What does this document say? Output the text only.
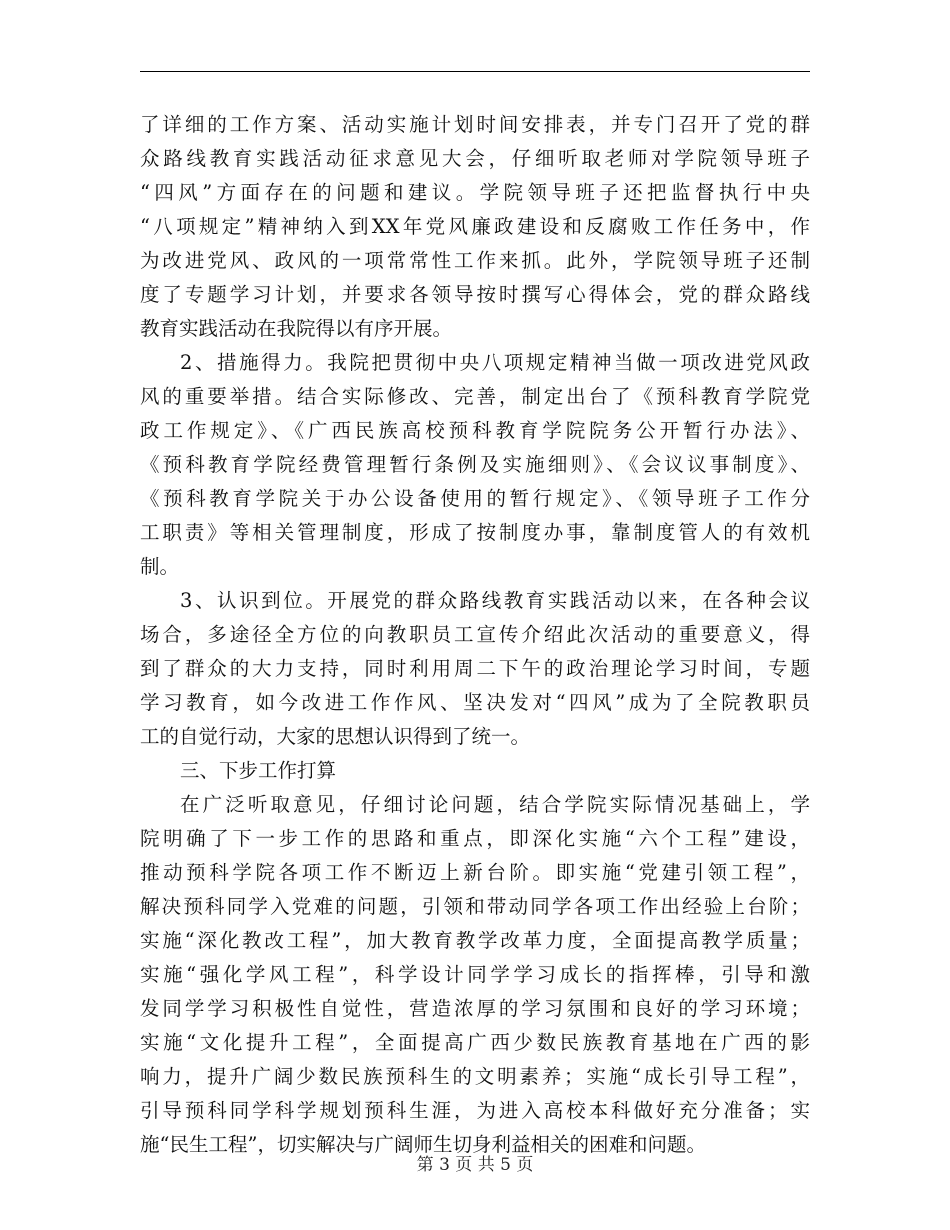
了详细的工作方案、活动实施计划时间安排表，并专门召开了党的群
众路线教育实践活动征求意见大会，仔细听取老师对学院领导班子
“四风”方面存在的问题和建议。学院领导班子还把监督执行中央
“八项规定”精神纳入到XX年党风廉政建设和反腐败工作任务中，作
为改进党风、政风的一项常常性工作来抓。此外，学院领导班子还制
度了专题学习计划，并要求各领导按时撰写心得体会，党的群众路线
教育实践活动在我院得以有序开展。
2、措施得力。我院把贯彻中央八项规定精神当做一项改进党风政
风的重要举措。结合实际修改、完善，制定出台了《预科教育学院党
政工作规定》、《广西民族高校预科教育学院院务公开暂行办法》、
《预科教育学院经费管理暂行条例及实施细则》、《会议议事制度》、
《预科教育学院关于办公设备使用的暂行规定》、《领导班子工作分
工职责》等相关管理制度，形成了按制度办事，靠制度管人的有效机
制。
3、认识到位。开展党的群众路线教育实践活动以来，在各种会议
场合，多途径全方位的向教职员工宣传介绍此次活动的重要意义，得
到了群众的大力支持，同时利用周二下午的政治理论学习时间，专题
学习教育，如今改进工作作风、坚决发对“四风”成为了全院教职员
工的自觉行动，大家的思想认识得到了统一。
三、下步工作打算
在广泛听取意见，仔细讨论问题，结合学院实际情况基础上，学
院明确了下一步工作的思路和重点，即深化实施“六个工程”建设，
推动预科学院各项工作不断迈上新台阶。即实施“党建引领工程”，
解决预科同学入党难的问题，引领和带动同学各项工作出经验上台阶；
实施“深化教改工程”，加大教育教学改革力度，全面提高教学质量；
实施“强化学风工程”，科学设计同学学习成长的指挥棒，引导和激
发同学学习积极性自觉性，营造浓厚的学习氛围和良好的学习环境；
实施“文化提升工程”，全面提高广西少数民族教育基地在广西的影
响力，提升广阔少数民族预科生的文明素养；实施“成长引导工程”，
引导预科同学科学规划预科生涯，为进入高校本科做好充分准备；实
施“民生工程”，切实解决与广阔师生切身利益相关的困难和问题。
第 3 页 共 5 页
